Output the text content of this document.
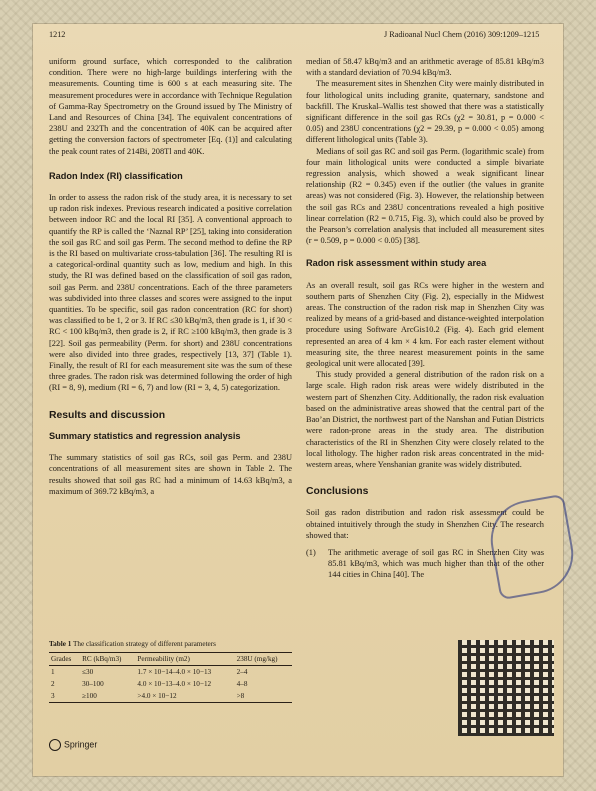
1212	J Radioanal Nucl Chem (2016) 309:1209–1215

uniform ground surface, which corresponded to the calibration condition. There were no high-large buildings interfering with the measurements. Counting time is 600 s at each measuring site. The measurement procedures were in accordance with Technique Regulation of Gamma-Ray Spectrometry on the Ground issued by The Ministry of Land and Resources of China [34]. The equivalent concentrations of 238U and 232Th and the concentration of 40K can be acquired after getting the conversion factors of spectrometer [Eq. (1)] and calculating the peak count rates of 214Bi, 208Tl and 40K.

Radon Index (RI) classification

In order to assess the radon risk of the study area, it is necessary to set up radon risk indexes. Previous research indicated a positive correlation between indoor RC and the local RI [35]. A conventional approach to quantify the RP is called the ‘Naznal RP’ [25], taking into consideration the soil gas RC and soil gas Perm. The second method to define the RP is the RI based on multivariate cross-tabulation [36]. The resulting RI is a categorical-ordinal quantity such as low, medium and high. In this study, the RI was defined based on the classification of soil gas radon, soil gas Perm. and 238U concentrations. Each of the three parameters was subdivided into three classes and scores were assigned to the input quantities. To be specific, soil gas radon concentration (RC for short) was classified to be 1, 2 or 3. If RC ≤30 kBq/m3, then grade is 1, if 30 < RC < 100 kBq/m3, then grade is 2, if RC ≥100 kBq/m3, then grade is 3 [22]. Soil gas permeability (Perm. for short) and 238U concentrations were also divided into three grades, respectively [13, 37] (Table 1). Finally, the result of RI for each measurement site was the sum of these three grades. The radon risk was determined following the order of high (RI = 8, 9), medium (RI = 6, 7) and low (RI = 3, 4, 5) categorization.

Results and discussion
Summary statistics and regression analysis

The summary statistics of soil gas RCs, soil gas Perm. and 238U concentrations of all measurement sites are shown in Table 2. The results showed that soil gas RC had a minimum of 14.63 kBq/m3, a maximum of 369.72 kBq/m3, a

Table 1 The classification strategy of different parameters
Grades	RC (kBq/m3)	Permeability (m2)	238U (mg/kg)
1	≤30	1.7 × 10−14–4.0 × 10−13	2–4
2	30–100	4.0 × 10−13–4.0 × 10−12	4–8
3	≥100	>4.0 × 10−12	>8

median of 58.47 kBq/m3 and an arithmetic average of 85.81 kBq/m3 with a standard deviation of 70.94 kBq/m3.

The measurement sites in Shenzhen City were mainly distributed in four lithological units including granite, quaternary, sandstone and backfill. The Kruskal–Wallis test showed that there was a statistically significant difference in the soil gas RCs (χ2 = 30.81, p = 0.000 < 0.05) and 238U concentrations (χ2 = 29.39, p = 0.000 < 0.05) among different lithological units (Table 3).

Medians of soil gas RC and soil gas Perm. (logarithmic scale) from four main lithological units were conducted a simple bivariate regression analysis, which showed a weak significant linear relationship (R2 = 0.345) even if the outlier (the values in granite areas) was not considered (Fig. 3). However, the relationship between the soil gas RCs and 238U concentrations revealed a high positive linear correlation (R2 = 0.715, Fig. 3), which could also be proved by the Pearson’s correlation analysis that included all measurement sites (r = 0.509, p = 0.000 < 0.05) [38].

Radon risk assessment within study area

As an overall result, soil gas RCs were higher in the western and southern parts of Shenzhen City (Fig. 2), especially in the Midwest areas. The construction of the radon risk map in Shenzhen City was realized by means of a grid-based and distance-weighted interpolation procedure using Software ArcGis10.2 (Fig. 4). Each grid element represented an area of 4 km × 4 km. For each raster element without measuring site, the three nearest measurement points in the same geological unit were allocated [39].

This study provided a general distribution of the radon risk on a large scale. High radon risk areas were widely distributed in the western part of Shenzhen City. Additionally, the radon risk evaluation based on the administrative areas showed that the central part of the Bao’an District, the northwest part of the Nanshan and Futian Districts were radon-prone areas in the study area. The distribution characteristics of the RI in Shenzhen City were closely related to the local lithology. The higher radon risk areas concentrated in the mid-western areas, where Yenshanian granite was widely distributed.

Conclusions

Soil gas radon distribution and radon risk assessment could be obtained intuitively through the study in Shenzhen City. The research showed that:

(1)	The arithmetic average of soil gas RC in Shenzhen City was 85.81 kBq/m3, which was much higher than that of the other 144 cities in China [40]. The
Springer
